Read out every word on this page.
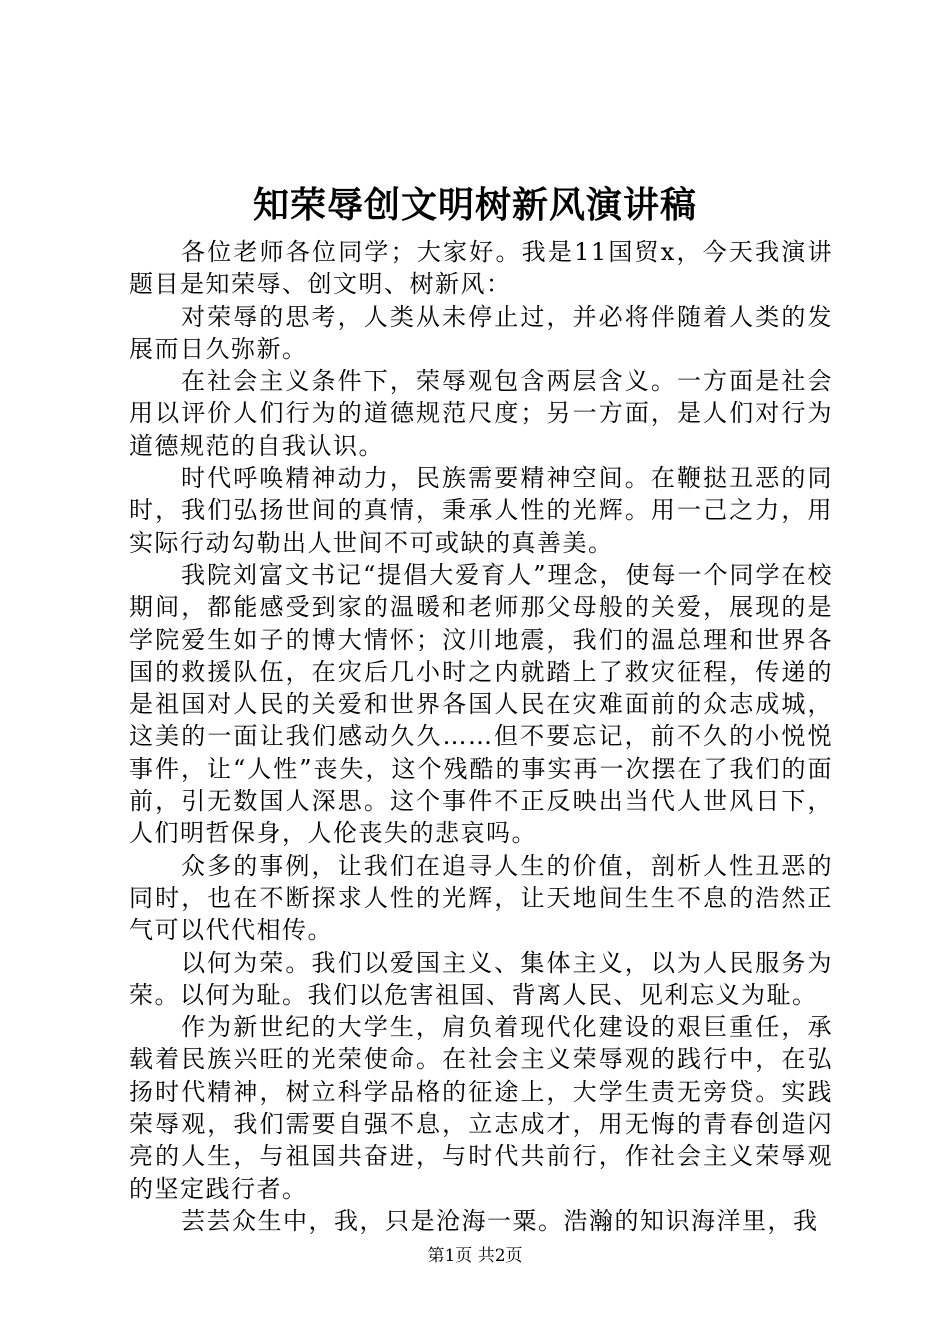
知荣辱创文明树新风演讲稿

各位老师各位同学；大家好。我是11国贸x，今天我演讲题目是知荣辱、创文明、树新风：

对荣辱的思考，人类从未停止过，并必将伴随着人类的发展而日久弥新。

在社会主义条件下，荣辱观包含两层含义。一方面是社会用以评价人们行为的道德规范尺度；另一方面，是人们对行为道德规范的自我认识。

时代呼唤精神动力，民族需要精神空间。在鞭挞丑恶的同时，我们弘扬世间的真情，秉承人性的光辉。用一己之力，用实际行动勾勒出人世间不可或缺的真善美。

我院刘富文书记“提倡大爱育人”理念，使每一个同学在校期间，都能感受到家的温暖和老师那父母般的关爱，展现的是学院爱生如子的博大情怀；汶川地震，我们的温总理和世界各国的救援队伍，在灾后几小时之内就踏上了救灾征程，传递的是祖国对人民的关爱和世界各国人民在灾难面前的众志成城，这美的一面让我们感动久久……但不要忘记，前不久的小悦悦事件，让“人性”丧失，这个残酷的事实再一次摆在了我们的面前，引无数国人深思。这个事件不正反映出当代人世风日下，人们明哲保身，人伦丧失的悲哀吗。

众多的事例，让我们在追寻人生的价值，剖析人性丑恶的同时，也在不断探求人性的光辉，让天地间生生不息的浩然正气可以代代相传。

以何为荣。我们以爱国主义、集体主义，以为人民服务为荣。以何为耻。我们以危害祖国、背离人民、见利忘义为耻。

作为新世纪的大学生，肩负着现代化建设的艰巨重任，承载着民族兴旺的光荣使命。在社会主义荣辱观的践行中，在弘扬时代精神，树立科学品格的征途上，大学生责无旁贷。实践荣辱观，我们需要自强不息，立志成才，用无悔的青春创造闪亮的人生，与祖国共奋进，与时代共前行，作社会主义荣辱观的坚定践行者。

芸芸众生中，我，只是沧海一粟。浩瀚的知识海洋里，我

第1页 共2页
